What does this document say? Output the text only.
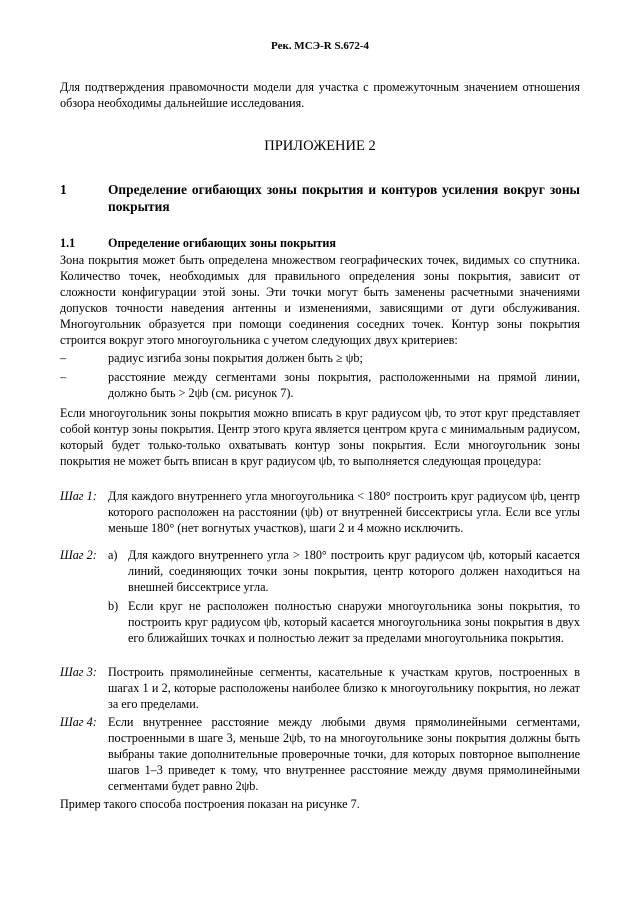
Рек. МСЭ-R S.672-4

Для подтверждения правомочности модели для участка с промежуточным значением отношения обзора необходимы дальнейшие исследования.

ПРИЛОЖЕНИЕ 2
1	Определение огибающих зоны покрытия и контуров усиления вокруг зоны покрытия
1.1	Определение огибающих зоны покрытия

Зона покрытия может быть определена множеством географических точек, видимых со спутника. Количество точек, необходимых для правильного определения зоны покрытия, зависит от сложности конфигурации этой зоны. Эти точки могут быть заменены расчетными значениями допусков точности наведения антенны и изменениями, зависящими от дуги обслуживания. Многоугольник образуется при помощи соединения соседних точек. Контур зоны покрытия строится вокруг этого многоугольника с учетом следующих двух критериев:

–	радиус изгиба зоны покрытия должен быть ≥ ψb;
–	расстояние между сегментами зоны покрытия, расположенными на прямой линии, должно быть > 2ψb (см. рисунок 7).

Если многоугольник зоны покрытия можно вписать в круг радиусом ψb, то этот круг представляет собой контур зоны покрытия. Центр этого круга является центром круга с минимальным радиусом, который будет только-только охватывать контур зоны покрытия. Если многоугольник зоны покрытия не может быть вписан в круг радиусом ψb, то выполняется следующая процедура:

Шаг 1: Для каждого внутреннего угла многоугольника < 180° построить круг радиусом ψb, центр которого расположен на расстоянии (ψb) от внутренней биссектрисы угла. Если все углы меньше 180° (нет вогнутых участков), шаги 2 и 4 можно исключить.
Шаг 2: a) Для каждого внутреннего угла > 180° построить круг радиусом ψb, который касается линий, соединяющих точки зоны покрытия, центр которого должен находиться на внешней биссектрисе угла.
b) Если круг не расположен полностью снаружи многоугольника зоны покрытия, то построить круг радиусом ψb, который касается многоугольника зоны покрытия в двух его ближайших точках и полностью лежит за пределами многоугольника покрытия.
Шаг 3: Построить прямолинейные сегменты, касательные к участкам кругов, построенных в шагах 1 и 2, которые расположены наиболее близко к многоугольнику покрытия, но лежат за его пределами.
Шаг 4: Если внутреннее расстояние между любыми двумя прямолинейными сегментами, построенными в шаге 3, меньше 2ψb, то на многоугольнике зоны покрытия должны быть выбраны такие дополнительные проверочные точки, для которых повторное выполнение шагов 1–3 приведет к тому, что внутреннее расстояние между двумя прямолинейными сегментами будет равно 2ψb.

Пример такого способа построения показан на рисунке 7.
